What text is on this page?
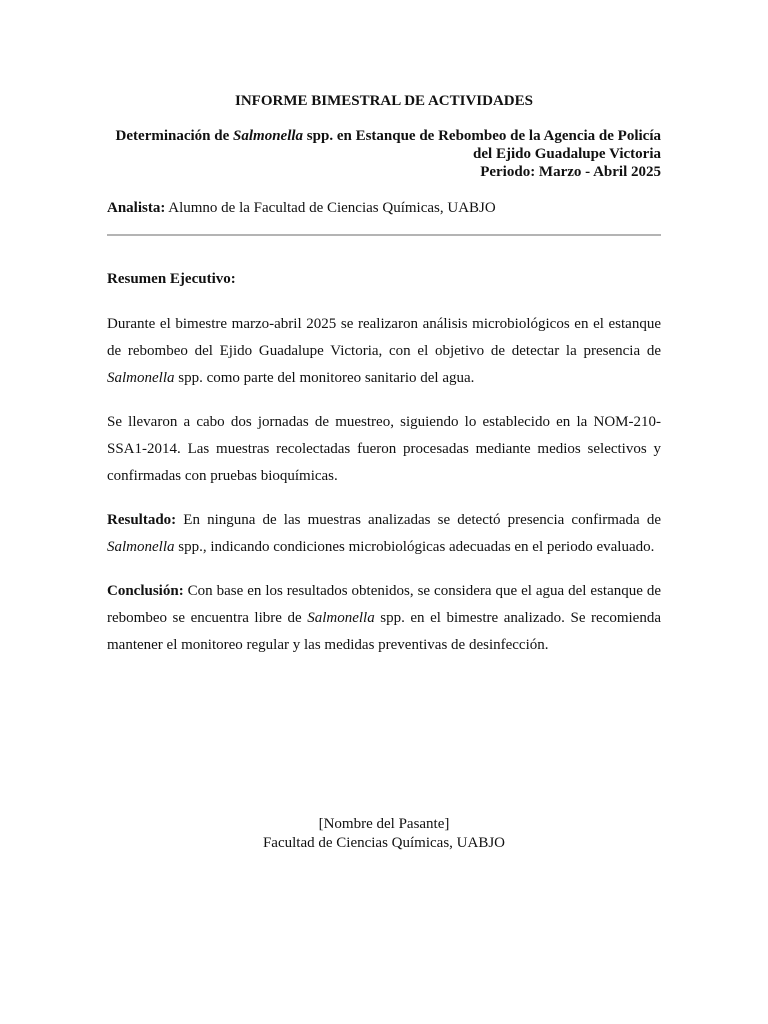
INFORME BIMESTRAL DE ACTIVIDADES
Determinación de Salmonella spp. en Estanque de Rebombeo de la Agencia de Policía
del Ejido Guadalupe Victoria
Periodo: Marzo - Abril 2025
Analista: Alumno de la Facultad de Ciencias Químicas, UABJO
Resumen Ejecutivo:

Durante el bimestre marzo-abril 2025 se realizaron análisis microbiológicos en el estanque de rebombeo del Ejido Guadalupe Victoria, con el objetivo de detectar la presencia de Salmonella spp. como parte del monitoreo sanitario del agua.

Se llevaron a cabo dos jornadas de muestreo, siguiendo lo establecido en la NOM-210-SSA1-2014. Las muestras recolectadas fueron procesadas mediante medios selectivos y confirmadas con pruebas bioquímicas.

Resultado: En ninguna de las muestras analizadas se detectó presencia confirmada de Salmonella spp., indicando condiciones microbiológicas adecuadas en el periodo evaluado.

Conclusión: Con base en los resultados obtenidos, se considera que el agua del estanque de rebombeo se encuentra libre de Salmonella spp. en el bimestre analizado. Se recomienda mantener el monitoreo regular y las medidas preventivas de desinfección.

[Nombre del Pasante]
Facultad de Ciencias Químicas, UABJO
